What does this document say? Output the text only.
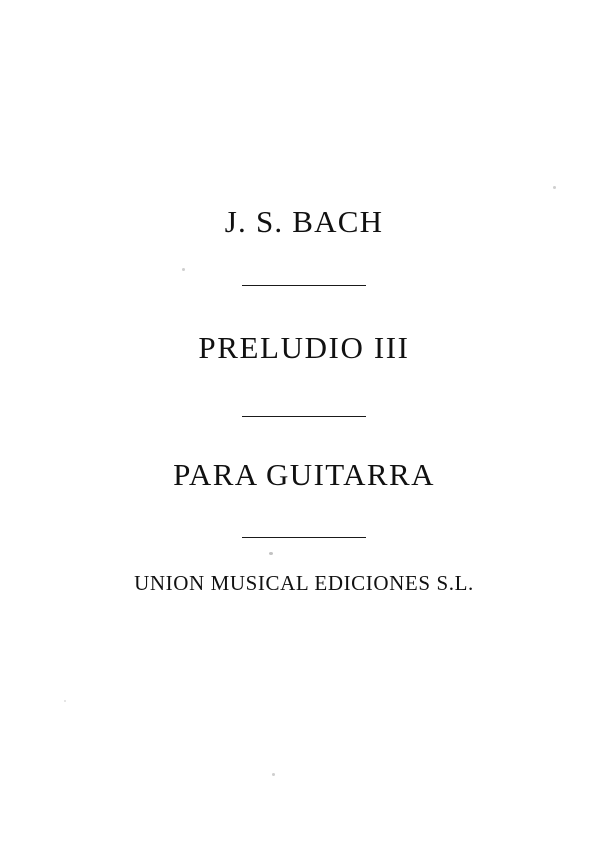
J. S. BACH
PRELUDIO III
PARA GUITARRA
UNION MUSICAL EDICIONES S.L.
